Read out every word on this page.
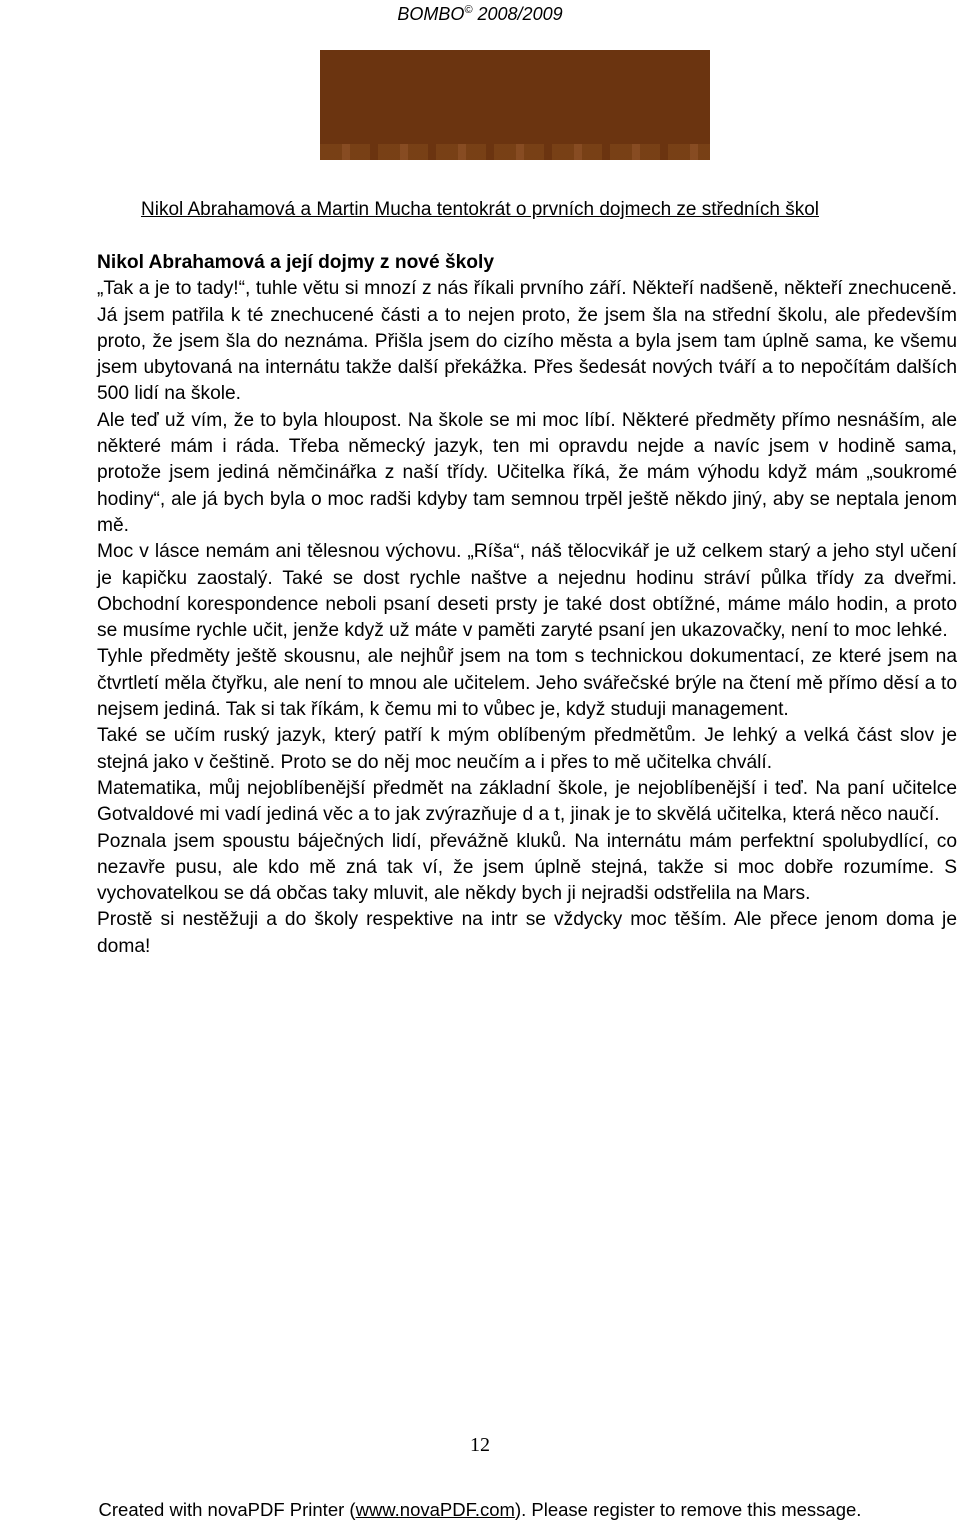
BOMBO© 2008/2009
Nikol Abrahamová a Martin Mucha tentokrát o prvních dojmech ze středních škol
Nikol Abrahamová a její dojmy z nové školy

„Tak a je to tady!“, tuhle větu si mnozí z nás říkali prvního září. Někteří nadšeně, někteří znechuceně. Já jsem patřila k té znechucené části a to nejen proto, že jsem šla na střední školu, ale především proto, že jsem šla do neznáma. Přišla jsem do cizího města a byla jsem tam úplně sama, ke všemu jsem ubytovaná na internátu takže další překážka. Přes šedesát nových tváří a to nepočítám dalších 500 lidí na škole.

Ale teď už vím, že to byla hloupost. Na škole se mi moc líbí. Některé předměty přímo nesnáším, ale některé mám i ráda. Třeba německý jazyk, ten mi opravdu nejde a navíc jsem v hodině sama, protože jsem jediná němčinářka z naší třídy. Učitelka říká, že mám výhodu když mám „soukromé hodiny“, ale já bych byla o moc radši kdyby tam semnou trpěl ještě někdo jiný, aby se neptala jenom mě.

Moc v lásce nemám ani tělesnou výchovu. „Ríša“, náš tělocvikář je už celkem starý a jeho styl učení je kapičku zaostalý. Také se dost rychle naštve a nejednu hodinu stráví půlka třídy za dveřmi. Obchodní korespondence neboli psaní deseti prsty je také dost obtížné, máme málo hodin, a proto se musíme rychle učit, jenže když už máte v paměti zaryté psaní jen ukazovačky, není to moc lehké.

Tyhle předměty ještě skousnu, ale nejhůř jsem na tom s technickou dokumentací, ze které jsem na čtvrtletí měla čtyřku, ale není to mnou ale učitelem. Jeho svářečské brýle na čtení mě přímo děsí a to nejsem jediná. Tak si tak říkám, k čemu mi to vůbec je, když studuji management.

Také se učím ruský jazyk, který patří k mým oblíbeným předmětům. Je lehký a velká část slov je stejná jako v češtině. Proto se do něj moc neučím a i přes to mě učitelka chválí.

Matematika, můj nejoblíbenější předmět na základní škole, je nejoblíbenější i teď. Na paní učitelce Gotvaldové mi vadí jediná věc a to jak zvýrazňuje d a t, jinak je to skvělá učitelka, která něco naučí.

Poznala jsem spoustu báječných lidí, převážně kluků. Na internátu mám perfektní spolubydlící, co nezavře pusu, ale kdo mě zná tak ví, že jsem úplně stejná, takže si moc dobře rozumíme. S vychovatelkou se dá občas taky mluvit, ale někdy bych ji nejradši odstřelila na Mars.

Prostě si nestěžuji a do školy respektive na intr se vždycky moc těším. Ale přece jenom doma je doma!

12
Created with novaPDF Printer (www.novaPDF.com). Please register to remove this message.
